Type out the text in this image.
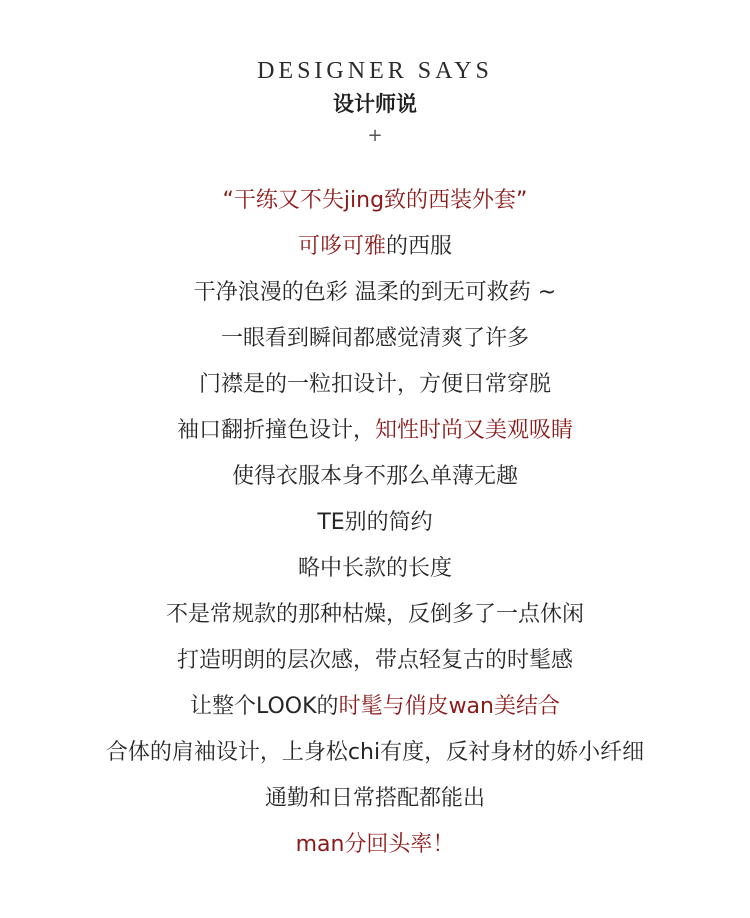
DESIGNER SAYS
设计师说
+
“干练又不失jing致的西装外套”
可哆可雅的西服
干净浪漫的色彩 温柔的到无可救药 ~
一眼看到瞬间都感觉清爽了许多
门襟是的一粒扣设计，方便日常穿脱
袖口翻折撞色设计，知性时尚又美观吸睛
使得衣服本身不那么单薄无趣
TE别的简约
略中长款的长度
不是常规款的那种枯燥，反倒多了一点休闲
打造明朗的层次感，带点轻复古的时髦感
让整个LOOK的时髦与俏皮wan美结合
合体的肩袖设计，上身松chi有度，反衬身材的娇小纤细
通勤和日常搭配都能出
man分回头率！
